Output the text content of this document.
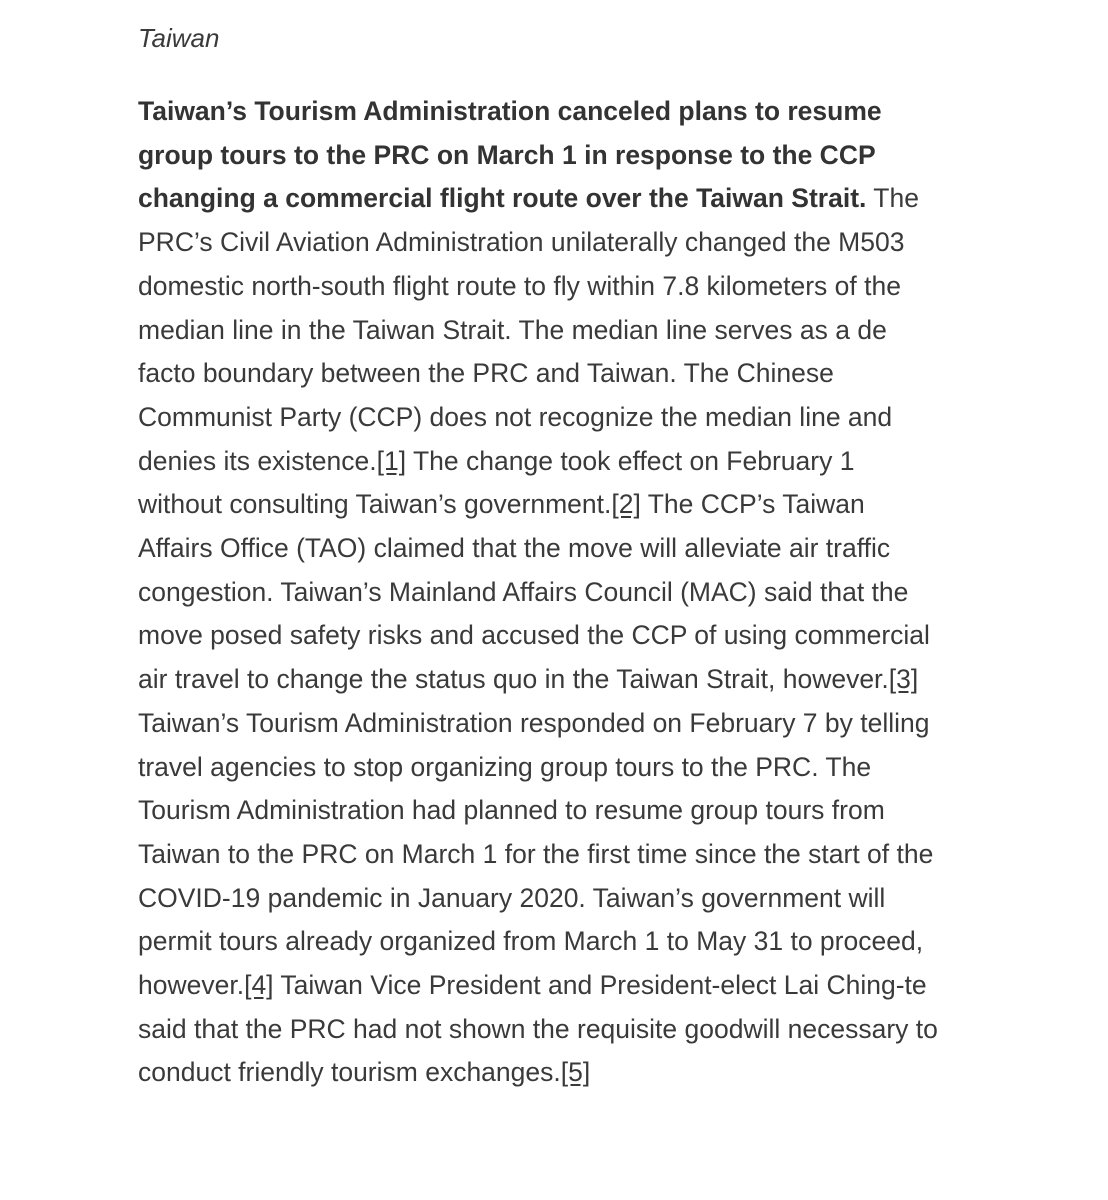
Taiwan

Taiwan’s Tourism Administration canceled plans to resume group tours to the PRC on March 1 in response to the CCP changing a commercial flight route over the Taiwan Strait. The PRC’s Civil Aviation Administration unilaterally changed the M503 domestic north-south flight route to fly within 7.8 kilometers of the median line in the Taiwan Strait. The median line serves as a de facto boundary between the PRC and Taiwan. The Chinese Communist Party (CCP) does not recognize the median line and denies its existence.[1] The change took effect on February 1 without consulting Taiwan’s government.[2] The CCP’s Taiwan Affairs Office (TAO) claimed that the move will alleviate air traffic congestion. Taiwan’s Mainland Affairs Council (MAC) said that the move posed safety risks and accused the CCP of using commercial air travel to change the status quo in the Taiwan Strait, however.[3] Taiwan’s Tourism Administration responded on February 7 by telling travel agencies to stop organizing group tours to the PRC. The Tourism Administration had planned to resume group tours from Taiwan to the PRC on March 1 for the first time since the start of the COVID-19 pandemic in January 2020. Taiwan’s government will permit tours already organized from March 1 to May 31 to proceed, however.[4] Taiwan Vice President and President-elect Lai Ching-te said that the PRC had not shown the requisite goodwill necessary to conduct friendly tourism exchanges.[5]
